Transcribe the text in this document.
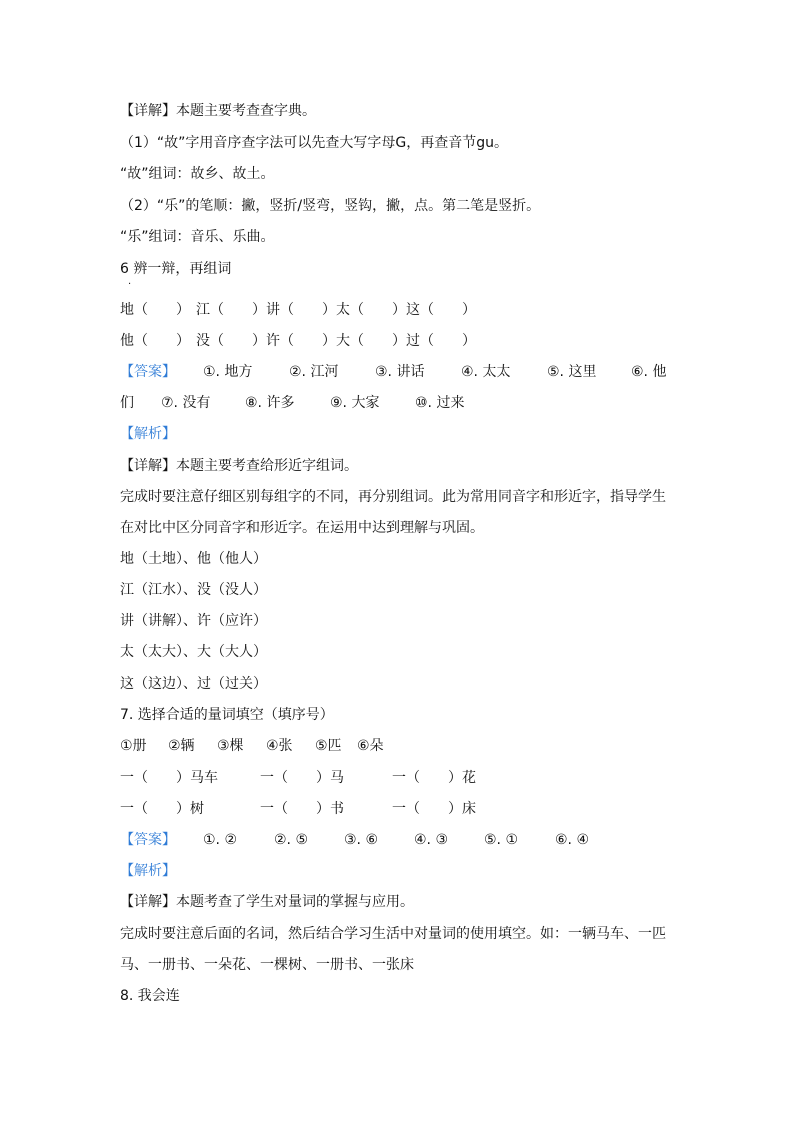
【详解】本题主要考查查字典。
（1）“故”字用音序查字法可以先查大写字母G，再查音节gu。
“故”组词：故乡、故土。
（2）“乐”的笔顺：撇，竖折/竖弯，竖钩，撇，点。第二笔是竖折。
“乐”组词：音乐、乐曲。
6 辨一辩，再组词
·
地（　　） 江（　　） 讲（　　） 太（　　） 这（　　）
他（　　） 没（　　） 许（　　） 大（　　） 过（　　）
【答案】 ①. 地方	②. 江河	③. 讲话	④. 太太	⑤. 这里 ⑥. 他
们 ⑦. 没有 ⑧. 许多	⑨. 大家	⑩. 过来
【解析】
【详解】本题主要考查给形近字组词。
完成时要注意仔细区别每组字的不同，再分别组词。此为常用同音字和形近字，指导学生
在对比中区分同音字和形近字。在运用中达到理解与巩固。
地（土地）、他（他人）
江（江水）、没（没人）
讲（讲解）、许（应许）
太（太大）、大（大人）
这（这边）、过（过关）
7. 选择合适的量词填空（填序号）
①册 ②辆 ③棵 ④张 ⑤匹 ⑥朵
一（　　）马车	一（　　）马	一（　　）花
一（　　）树	一（　　）书	一（　　）床
【答案】 ①. ②	②. ⑤	③. ⑥	④. ③	⑤. ①	⑥. ④
【解析】
【详解】本题考查了学生对量词的掌握与应用。
完成时要注意后面的名词，然后结合学习生活中对量词的使用填空。如：一辆马车、一匹
马、一册书、一朵花、一棵树、一册书、一张床
8. 我会连
